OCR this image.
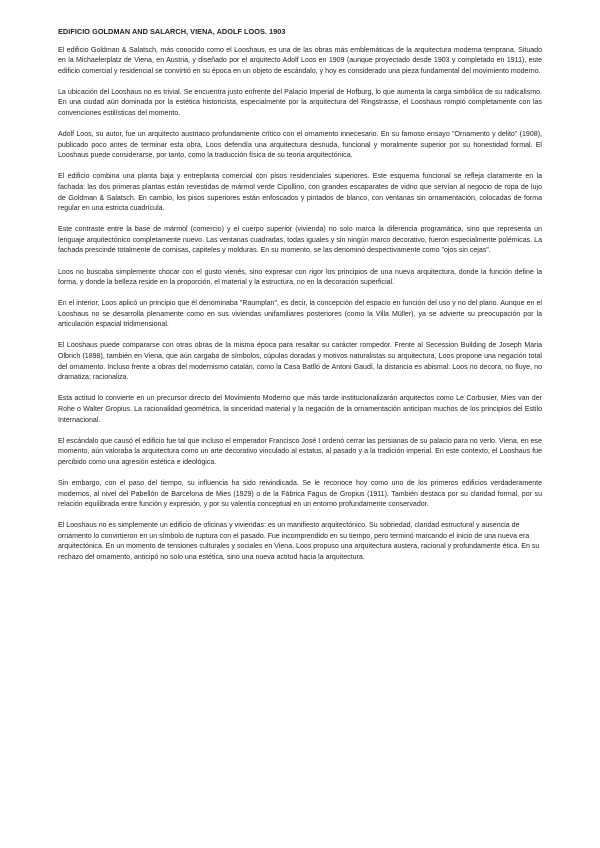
EDIFICIO GOLDMAN AND SALARCH, VIENA, ADOLF LOOS. 1903

El edificio Goldman & Salatsch, más conocido como el Looshaus, es una de las obras más emblemáticas de la arquitectura moderna temprana. Situado en la Michaelerplatz de Viena, en Austria, y diseñado por el arquitecto Adolf Loos en 1909 (aunque proyectado desde 1903 y completado en 1911), este edificio comercial y residencial se convirtió en su época en un objeto de escándalo, y hoy es considerado una pieza fundamental del movimiento moderno.

La ubicación del Looshaus no es trivial. Se encuentra justo enfrente del Palacio Imperial de Hofburg, lo que aumenta la carga simbólica de su radicalismo. En una ciudad aún dominada por la estética historicista, especialmente por la arquitectura del Ringstrasse, el Looshaus rompió completamente con las convenciones estilísticas del momento.

Adolf Loos, su autor, fue un arquitecto austriaco profundamente crítico con el ornamento innecesario. En su famoso ensayo "Ornamento y delito" (1908), publicado poco antes de terminar esta obra, Loos defendía una arquitectura desnuda, funcional y moralmente superior por su honestidad formal. El Looshaus puede considerarse, por tanto, como la traducción física de su teoría arquitectónica.

El edificio combina una planta baja y entreplanta comercial con pisos residenciales superiores. Este esquema funcional se refleja claramente en la fachada: las dos primeras plantas están revestidas de mármol verde Cipollino, con grandes escaparates de vidrio que servían al negocio de ropa de lujo de Goldman & Salatsch. En cambio, los pisos superiores están enfoscados y pintados de blanco, con ventanas sin ornamentación, colocadas de forma regular en una estricta cuadrícula.

Este contraste entre la base de mármol (comercio) y el cuerpo superior (vivienda) no solo marca la diferencia programática, sino que representa un lenguaje arquitectónico completamente nuevo. Las ventanas cuadradas, todas iguales y sin ningún marco decorativo, fueron especialmente polémicas. La fachada prescinde totalmente de cornisas, capiteles y molduras. En su momento, se las denominó despectivamente como "ojos sin cejas".

Loos no buscaba simplemente chocar con el gusto vienés, sino expresar con rigor los principios de una nueva arquitectura, donde la función define la forma, y donde la belleza reside en la proporción, el material y la estructura, no en la decoración superficial.

En el interior, Loos aplicó un principio que él denominaba "Raumplan", es decir, la concepción del espacio en función del uso y no del plano. Aunque en el Looshaus no se desarrolla plenamente como en sus viviendas unifamiliares posteriores (como la Villa Müller), ya se advierte su preocupación por la articulación espacial tridimensional.

El Looshaus puede compararse con otras obras de la misma época para resaltar su carácter rompedor. Frente al Secession Building de Joseph Maria Olbrich (1898), también en Viena, que aún cargaba de símbolos, cúpulas doradas y motivos naturalistas su arquitectura, Loos propone una negación total del ornamento. Incluso frente a obras del modernismo catalán, como la Casa Batlló de Antoni Gaudí, la distancia es abismal: Loos no decora, no fluye, no dramatiza; racionaliza.

Esta actitud lo convierte en un precursor directo del Movimiento Moderno que más tarde institucionalizarán arquitectos como Le Corbusier, Mies van der Rohe o Walter Gropius. La racionalidad geométrica, la sinceridad material y la negación de la ornamentación anticipan muchos de los principios del Estilo Internacional.

El escándalo que causó el edificio fue tal que incluso el emperador Francisco José I ordenó cerrar las persianas de su palacio para no verlo. Viena, en ese momento, aún valoraba la arquitectura como un arte decorativo vinculado al estatus, al pasado y a la tradición imperial. En este contexto, el Looshaus fue percibido como una agresión estética e ideológica.

Sin embargo, con el paso del tiempo, su influencia ha sido reivindicada. Se le reconoce hoy como uno de los primeros edificios verdaderamente modernos, al nivel del Pabellón de Barcelona de Mies (1929) o de la Fábrica Fagus de Gropius (1911). También destaca por su claridad formal, por su relación equilibrada entre función y expresión, y por su valentía conceptual en un entorno profundamente conservador.

El Looshaus no es simplemente un edificio de oficinas y viviendas: es un manifiesto arquitectónico. Su sobriedad, claridad estructural y ausencia de ornamento lo convirtieron en un símbolo de ruptura con el pasado. Fue incomprendido en su tiempo, pero terminó marcando el inicio de una nueva era arquitectónica. En un momento de tensiones culturales y sociales en Viena, Loos propuso una arquitectura austera, racional y profundamente ética. En su rechazo del ornamento, anticipó no solo una estética, sino una nueva actitud hacia la arquitectura.
